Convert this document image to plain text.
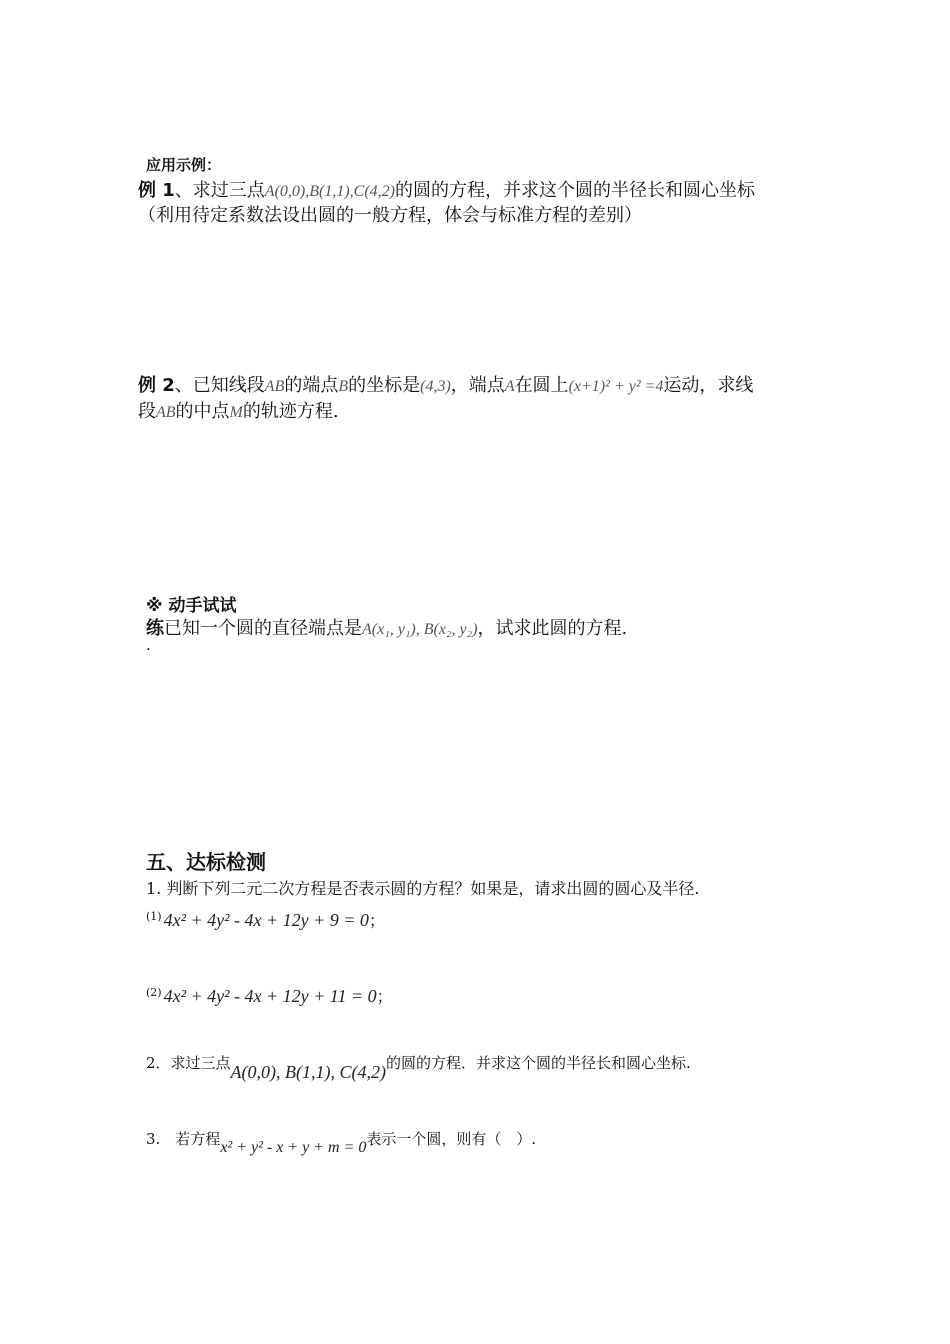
应用示例：
例 1、求过三点A(0,0),B(1,1),C(4,2)的圆的方程，并求这个圆的半径长和圆心坐标
（利用待定系数法设出圆的一般方程，体会与标准方程的差别）
例 2、已知线段AB的端点B的坐标是(4,3)，端点A在圆上(x+1)² + y² =4运动，求线
段AB的中点M的轨迹方程.
※ 动手试试
练已知一个圆的直径端点是A(x₁, y₁), B(x₂, y₂)，试求此圆的方程.
.
五、达标检测
1. 判断下列二元二次方程是否表示圆的方程？如果是，请求出圆的圆心及半径.
$^{(1)}$ 4x² + 4y² - 4x + 12y + 9 = 0；
$^{(2)}$ 4x² + 4y² - 4x + 12y + 11 = 0；
2．求过三点A(0,0), B(1,1), C(4,2)的圆的方程．并求这个圆的半径长和圆心坐标.
3.　若方程x² + y² - x + y + m = 0表示一个圆，则有（　）.
